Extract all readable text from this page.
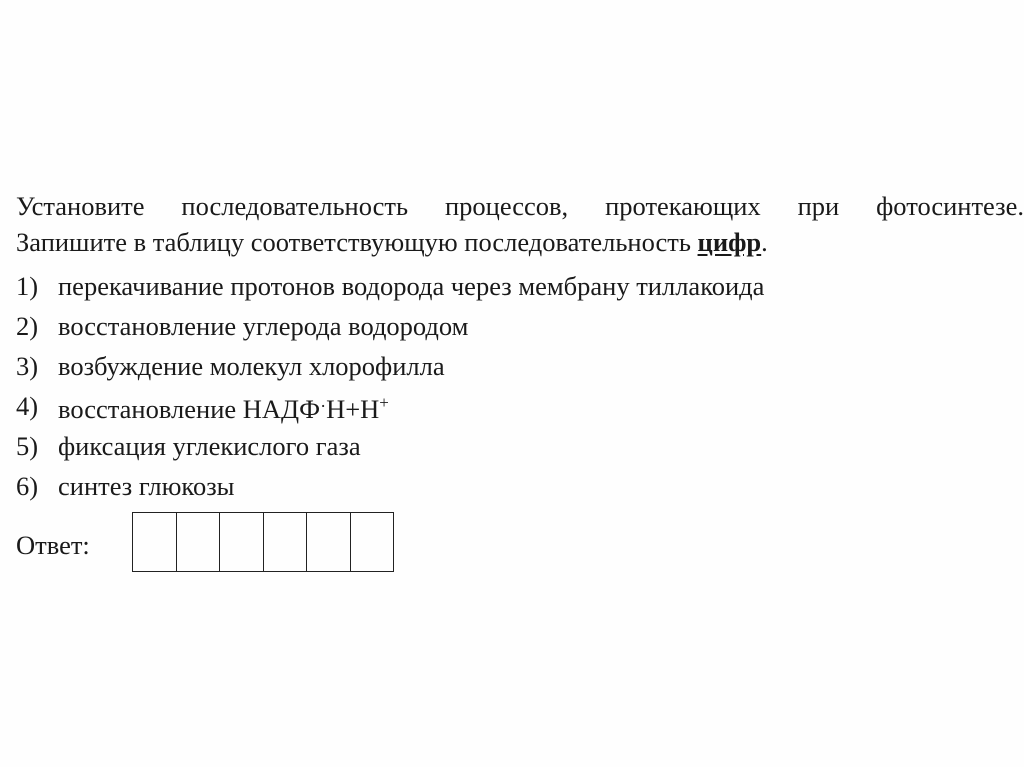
Установите последовательность процессов, протекающих при фотосинтезе.
Запишите в таблицу соответствующую последовательность цифр.

1) перекачивание протонов водорода через мембрану тиллакоида
2) восстановление углерода водородом
3) возбуждение молекул хлорофилла
4) восстановление НАДФ·Н+Н+
5) фиксация углекислого газа
6) синтез глюкозы
Ответ:
